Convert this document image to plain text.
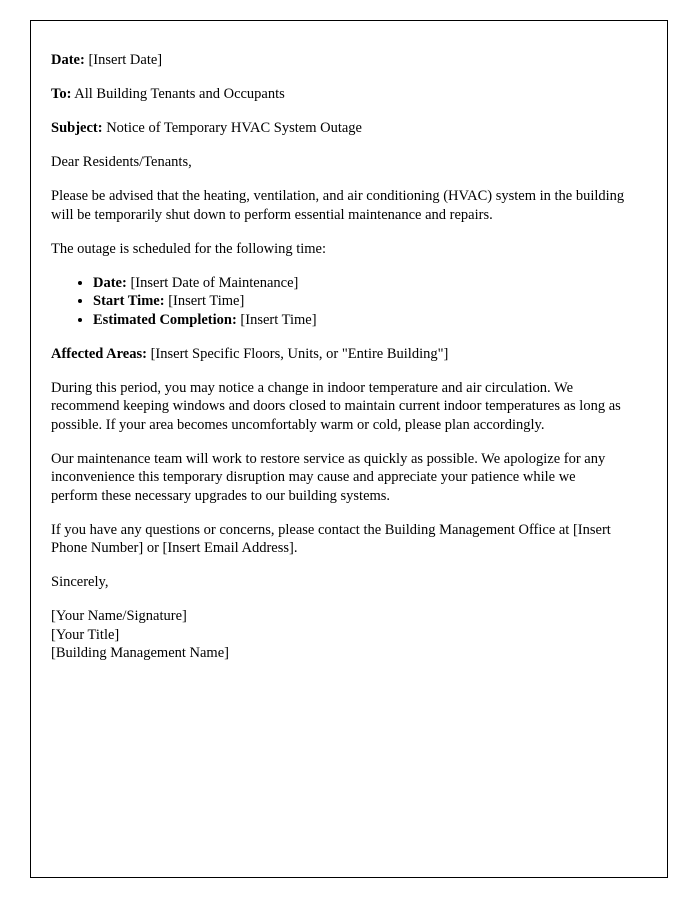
Date: [Insert Date]

To: All Building Tenants and Occupants

Subject: Notice of Temporary HVAC System Outage

Dear Residents/Tenants,

Please be advised that the heating, ventilation, and air conditioning (HVAC) system in the building will be temporarily shut down to perform essential maintenance and repairs.

The outage is scheduled for the following time:

• Date: [Insert Date of Maintenance]
• Start Time: [Insert Time]
• Estimated Completion: [Insert Time]

Affected Areas: [Insert Specific Floors, Units, or "Entire Building"]

During this period, you may notice a change in indoor temperature and air circulation. We recommend keeping windows and doors closed to maintain current indoor temperatures as long as possible. If your area becomes uncomfortably warm or cold, please plan accordingly.

Our maintenance team will work to restore service as quickly as possible. We apologize for any inconvenience this temporary disruption may cause and appreciate your patience while we perform these necessary upgrades to our building systems.

If you have any questions or concerns, please contact the Building Management Office at [Insert Phone Number] or [Insert Email Address].

Sincerely,

[Your Name/Signature]
[Your Title]
[Building Management Name]
